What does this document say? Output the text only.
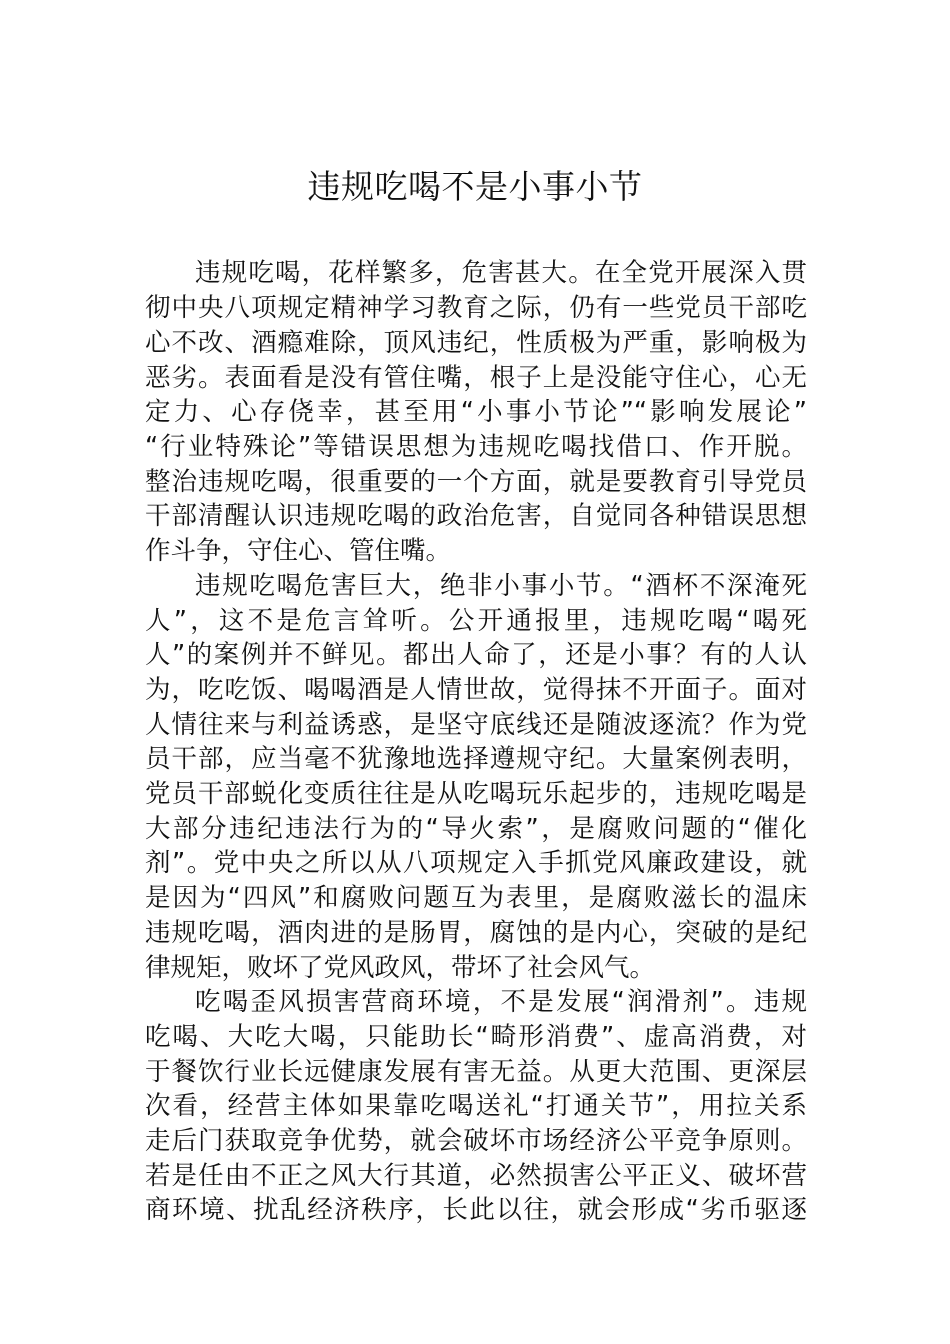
违规吃喝不是小事小节
违规吃喝，花样繁多，危害甚大。在全党开展深入贯
彻中央八项规定精神学习教育之际，仍有一些党员干部吃
心不改、酒瘾难除，顶风违纪，性质极为严重，影响极为
恶劣。表面看是没有管住嘴，根子上是没能守住心，心无
定力、心存侥幸，甚至用“小事小节论”“影响发展论”
“行业特殊论”等错误思想为违规吃喝找借口、作开脱。
整治违规吃喝，很重要的一个方面，就是要教育引导党员
干部清醒认识违规吃喝的政治危害，自觉同各种错误思想
作斗争，守住心、管住嘴。
违规吃喝危害巨大，绝非小事小节。“酒杯不深淹死
人”，这不是危言耸听。公开通报里，违规吃喝“喝死
人”的案例并不鲜见。都出人命了，还是小事？有的人认
为，吃吃饭、喝喝酒是人情世故，觉得抹不开面子。面对
人情往来与利益诱惑，是坚守底线还是随波逐流？作为党
员干部，应当毫不犹豫地选择遵规守纪。大量案例表明，
党员干部蜕化变质往往是从吃喝玩乐起步的，违规吃喝是
大部分违纪违法行为的“导火索”，是腐败问题的“催化
剂”。党中央之所以从八项规定入手抓党风廉政建设，就
是因为“四风”和腐败问题互为表里，是腐败滋长的温床
违规吃喝，酒肉进的是肠胃，腐蚀的是内心，突破的是纪
律规矩，败坏了党风政风，带坏了社会风气。
吃喝歪风损害营商环境，不是发展“润滑剂”。违规
吃喝、大吃大喝，只能助长“畸形消费”、虚高消费，对
于餐饮行业长远健康发展有害无益。从更大范围、更深层
次看，经营主体如果靠吃喝送礼“打通关节”，用拉关系
走后门获取竞争优势，就会破坏市场经济公平竞争原则。
若是任由不正之风大行其道，必然损害公平正义、破坏营
商环境、扰乱经济秩序，长此以往，就会形成“劣币驱逐
